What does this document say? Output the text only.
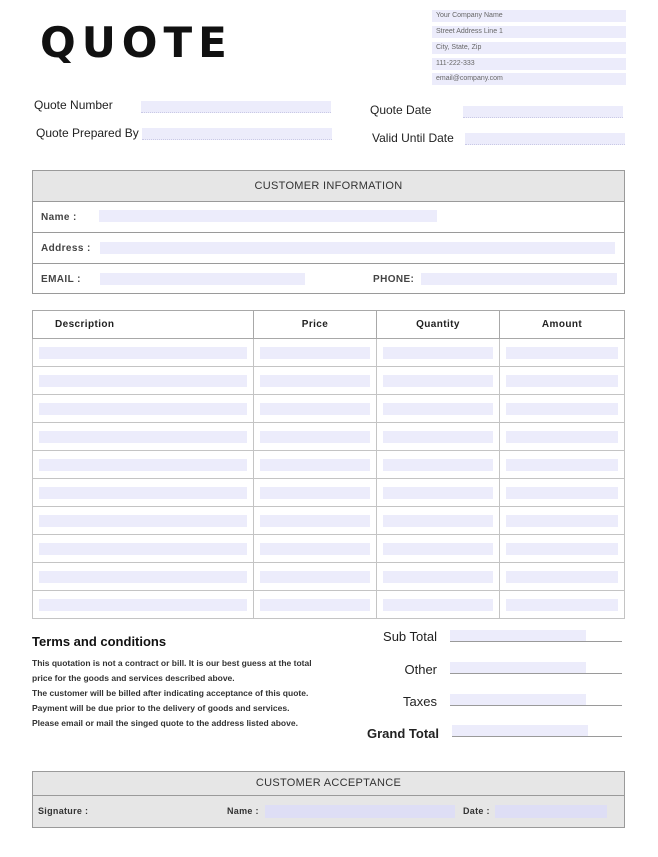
QUOTE
Your Company Name
Street Address Line 1
City, State, Zip
111-222-333
email@company.com
Quote Number
Quote Prepared By
Quote Date
Valid Until Date
CUSTOMER INFORMATION
Name :
Address :
EMAIL :	PHONE:
Description	Price	Quantity	Amount

Terms and conditions
This quotation is not a contract or bill. It is our best guess at the total
price for the goods and services described above.
The customer will be billed after indicating acceptance of this quote.
Payment will be due prior to the delivery of goods and services.
Please email or mail the singed quote to the address listed above.
Sub Total
Other
Taxes
Grand Total
CUSTOMER ACCEPTANCE
Signature :	Name :	Date :
